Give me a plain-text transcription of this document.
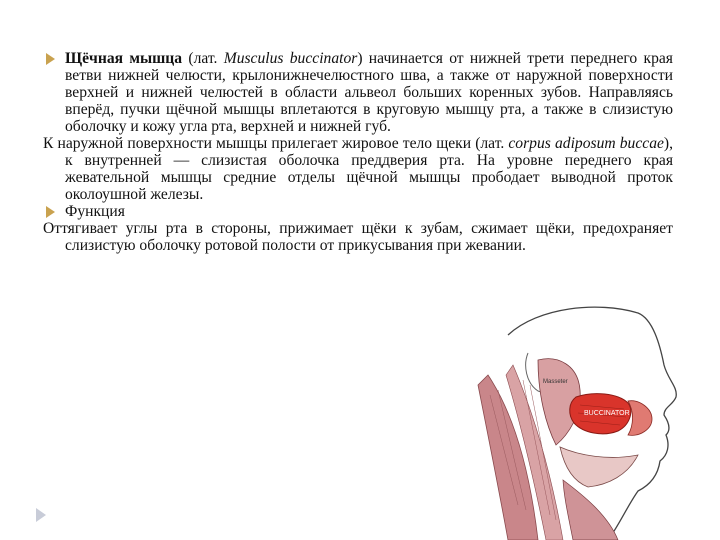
Щёчная мышца (лат. Musculus buccinator) начинается от нижней трети переднего края ветви нижней челюсти, крылонижнечелюстного шва, а также от наружной поверхности верхней и нижней челюстей в области альвеол больших коренных зубов. Направляясь вперёд, пучки щёчной мышцы вплетаются в круговую мышцу рта, а также в слизистую оболочку и кожу угла рта, верхней и нижней губ.

К наружной поверхности мышцы прилегает жировое тело щеки (лат. corpus adiposum buccae), к внутренней — слизистая оболочка преддверия рта. На уровне переднего края жевательной мышцы средние отделы щёчной мышцы прободает выводной проток околоушной железы.

Функция

Оттягивает углы рта в стороны, прижимает щёки к зубам, сжимает щёки, предохраняет слизистую оболочку ротовой полости от прикусывания при жевании.

BUCCINATOR
Masseter
